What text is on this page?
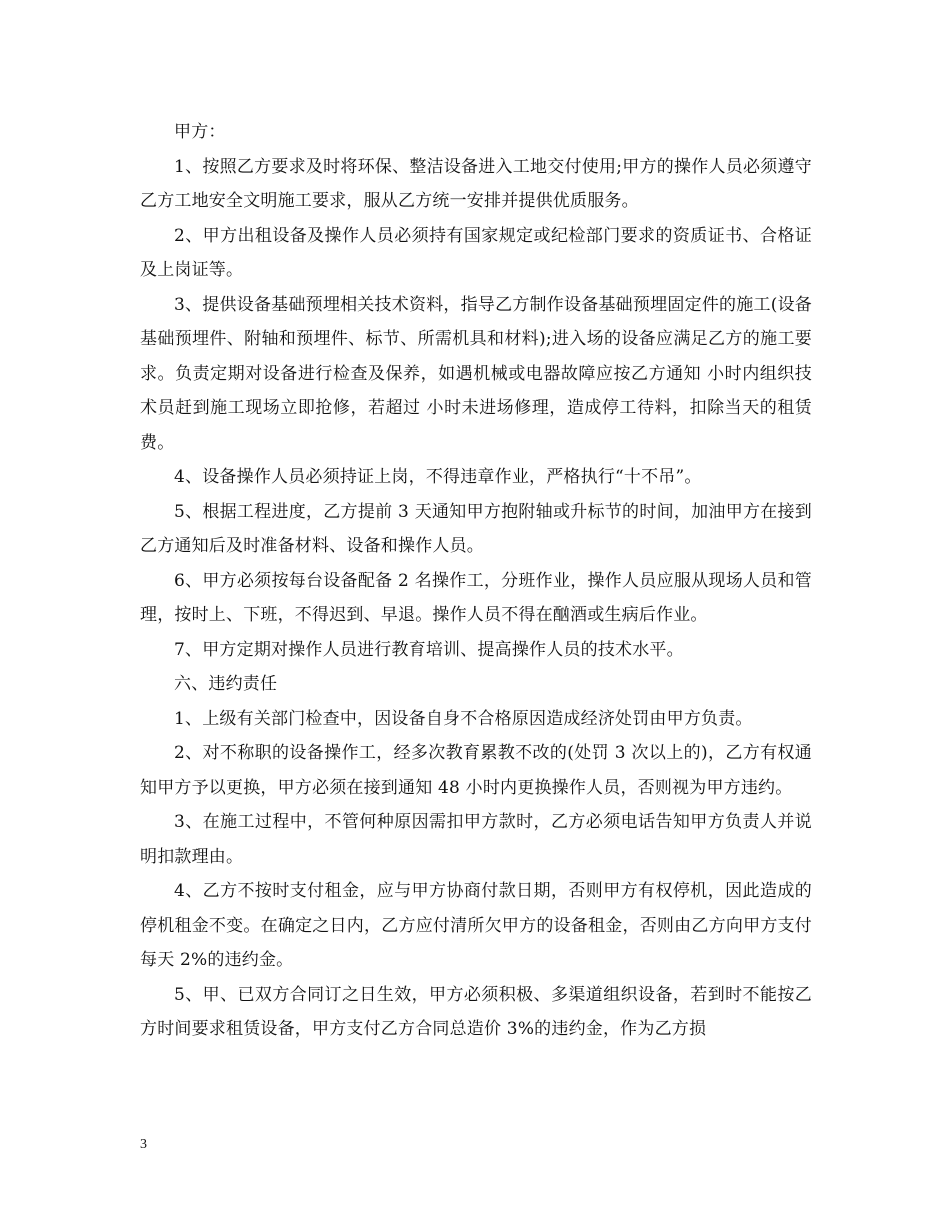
甲方：

1、按照乙方要求及时将环保、整洁设备进入工地交付使用;甲方的操作人员必须遵守乙方工地安全文明施工要求，服从乙方统一安排并提供优质服务。

2、甲方出租设备及操作人员必须持有国家规定或纪检部门要求的资质证书、合格证及上岗证等。

3、提供设备基础预埋相关技术资料，指导乙方制作设备基础预埋固定件的施工(设备基础预埋件、附轴和预埋件、标节、所需机具和材料);进入场的设备应满足乙方的施工要求。负责定期对设备进行检查及保养，如遇机械或电器故障应按乙方通知 小时内组织技术员赶到施工现场立即抢修，若超过 小时未进场修理，造成停工待料，扣除当天的租赁费。

4、设备操作人员必须持证上岗，不得违章作业，严格执行“十不吊”。

5、根据工程进度，乙方提前 3 天通知甲方抱附轴或升标节的时间，加油甲方在接到乙方通知后及时准备材料、设备和操作人员。

6、甲方必须按每台设备配备 2 名操作工，分班作业，操作人员应服从现场人员和管理，按时上、下班，不得迟到、早退。操作人员不得在酗酒或生病后作业。

7、甲方定期对操作人员进行教育培训、提高操作人员的技术水平。

六、违约责任

1、上级有关部门检查中，因设备自身不合格原因造成经济处罚由甲方负责。

2、对不称职的设备操作工，经多次教育累教不改的(处罚 3 次以上的)，乙方有权通知甲方予以更换，甲方必须在接到通知 48 小时内更换操作人员，否则视为甲方违约。

3、在施工过程中，不管何种原因需扣甲方款时，乙方必须电话告知甲方负责人并说明扣款理由。

4、乙方不按时支付租金，应与甲方协商付款日期，否则甲方有权停机，因此造成的停机租金不变。在确定之日内，乙方应付清所欠甲方的设备租金，否则由乙方向甲方支付每天 2%的违约金。

5、甲、已双方合同订之日生效，甲方必须积极、多渠道组织设备，若到时不能按乙方时间要求租赁设备，甲方支付乙方合同总造价 3%的违约金，作为乙方损

3
